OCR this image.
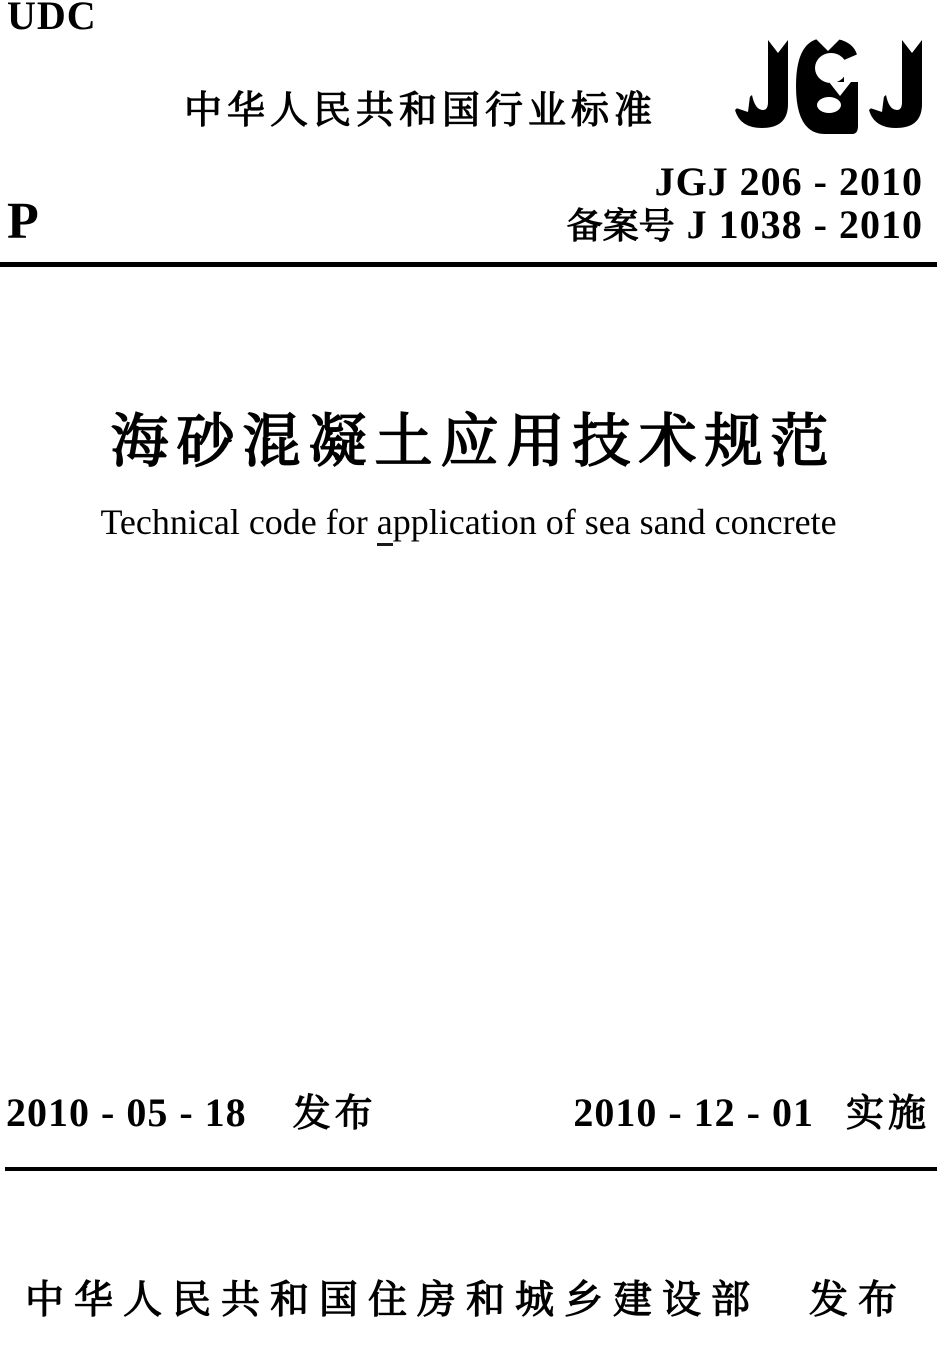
UDC
中华人民共和国行业标准
JGJ 206 - 2010
备案号 J 1038 - 2010
P
海砂混凝土应用技术规范
Technical code for application of sea sand concrete
2010 - 05 - 18 发布	2010 - 12 - 01 实施
中华人民共和国住房和城乡建设部 发布
